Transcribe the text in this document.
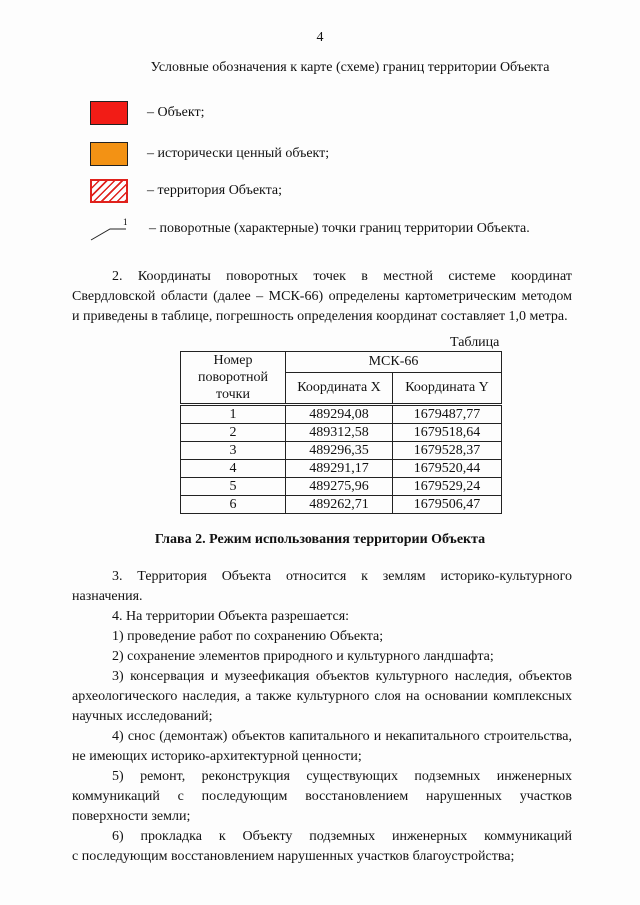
4
Условные обозначения к карте (схеме) границ территории Объекта
– Объект;
– исторически ценный объект;
– территория Объекта;
1 – поворотные (характерные) точки границ территории Объекта.
2. Координаты поворотных точек в местной системе координат
Свердловской области (далее – МСК-66) определены картометрическим методом
и приведены в таблице, погрешность определения координат составляет 1,0 метра.
Таблица
Номер поворотной точки	МСК-66	
	Координата X	Координата Y
1	489294,08	1679487,77
2	489312,58	1679518,64
3	489296,35	1679528,37
4	489291,17	1679520,44
5	489275,96	1679529,24
6	489262,71	1679506,47
Глава 2. Режим использования территории Объекта
3. Территория Объекта относится к землям историко-культурного
назначения.
4. На территории Объекта разрешается:
1) проведение работ по сохранению Объекта;
2) сохранение элементов природного и культурного ландшафта;
3) консервация и музеефикация объектов культурного наследия, объектов
археологического наследия, а также культурного слоя на основании комплексных
научных исследований;
4) снос (демонтаж) объектов капитального и некапитального строительства,
не имеющих историко-архитектурной ценности;
5) ремонт, реконструкция существующих подземных инженерных
коммуникаций с последующим восстановлением нарушенных участков
поверхности земли;
6) прокладка к Объекту подземных инженерных коммуникаций
с последующим восстановлением нарушенных участков благоустройства;
